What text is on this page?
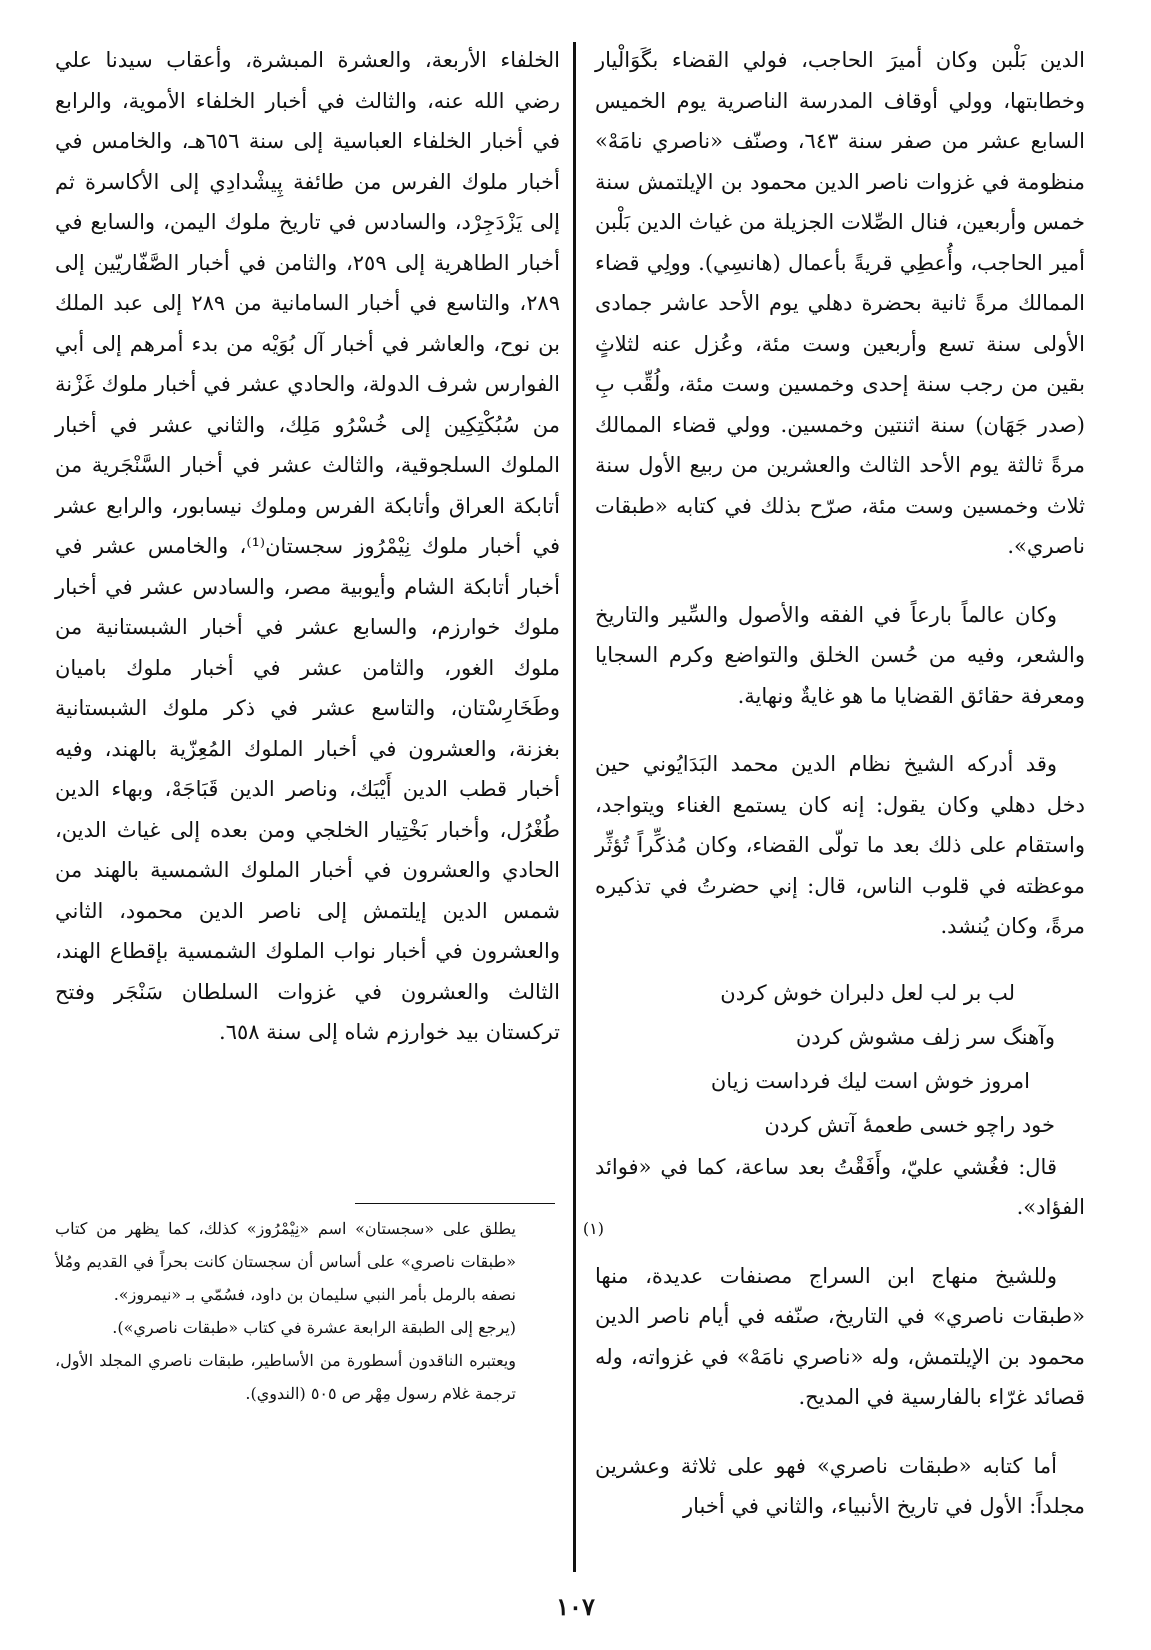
الدين بَلْبن وكان أميرَ الحاجب، فولي القضاء بگَوَالْيار وخطابتها، وولي أوقاف المدرسة الناصرية يوم الخميس السابع عشر من صفر سنة ٦٤٣، وصنّف «ناصري نامَهْ» منظومة في غزوات ناصر الدين محمود بن الإيلتمش سنة خمس وأربعين، فنال الصِّلات الجزيلة من غياث الدين بَلْبن أمير الحاجب، وأُعطِي قريةً بأعمال (هانسِي). وولِي قضاء الممالك مرةً ثانية بحضرة دهلي يوم الأحد عاشر جمادى الأولى سنة تسع وأربعين وست مئة، وعُزل عنه لثلاثٍ بقين من رجب سنة إحدى وخمسين وست مئة، ولُقِّب بِ (صدر جَهَان) سنة اثنتين وخمسين. وولي قضاء الممالك مرةً ثالثة يوم الأحد الثالث والعشرين من ربيع الأول سنة ثلاث وخمسين وست مئة، صرّح بذلك في كتابه «طبقات ناصري».

وكان عالماً بارعاً في الفقه والأصول والسِّير والتاريخ والشعر، وفيه من حُسن الخلق والتواضع وكرم السجايا ومعرفة حقائق القضايا ما هو غايةٌ ونهاية.

وقد أدركه الشيخ نظام الدين محمد البَدَايُوني حين دخل دهلي وكان يقول: إنه كان يستمع الغناء ويتواجد، واستقام على ذلك بعد ما تولّى القضاء، وكان مُذكِّراً تُؤثِّر موعظته في قلوب الناس، قال: إني حضرتُ في تذكيره مرةً، وكان يُنشد.

لب بر لب لعل دلبران خوش كردن
وآهنگ سر زلف مشوش كردن
امروز خوش است ليك فرداست زيان
خود راچو خسى طعمهٔ آتش كردن

قال: فغُشي عليّ، وأَفَقْتُ بعد ساعة، كما في «فوائد الفؤاد».

وللشيخ منهاج ابن السراج مصنفات عديدة، منها «طبقات ناصري» في التاريخ، صنّفه في أيام ناصر الدين محمود بن الإيلتمش، وله «ناصري نامَهْ» في غزواته، وله قصائد غرّاء بالفارسية في المديح.

أما كتابه «طبقات ناصري» فهو على ثلاثة وعشرين مجلداً: الأول في تاريخ الأنبياء، والثاني في أخبار

الخلفاء الأربعة، والعشرة المبشرة، وأعقاب سيدنا علي رضي الله عنه، والثالث في أخبار الخلفاء الأموية، والرابع في أخبار الخلفاء العباسية إلى سنة ٦٥٦هـ، والخامس في أخبار ملوك الفرس من طائفة پِيشْدادِي إلى الأكاسرة ثم إلى يَزْدَجِرْد، والسادس في تاريخ ملوك اليمن، والسابع في أخبار الطاهرية إلى ٢٥٩، والثامن في أخبار الصَّفّاريّين إلى ٢٨٩، والتاسع في أخبار السامانية من ٢٨٩ إلى عبد الملك بن نوح، والعاشر في أخبار آل بُوَيْه من بدء أمرهم إلى أبي الفوارس شرف الدولة، والحادي عشر في أخبار ملوك غَزْنة من سُبُكْتِكِين إلى خُسْرُو مَلِك، والثاني عشر في أخبار الملوك السلجوقية، والثالث عشر في أخبار السَّنْجَرية من أتابكة العراق وأتابكة الفرس وملوك نيسابور، والرابع عشر في أخبار ملوك نِيْمْرُوز سجستان⁽¹⁾، والخامس عشر في أخبار أتابكة الشام وأيوبية مصر، والسادس عشر في أخبار ملوك خوارزم، والسابع عشر في أخبار الشبستانية من ملوك الغور، والثامن عشر في أخبار ملوك باميان وطَخَارِسْتان، والتاسع عشر في ذكر ملوك الشبستانية بغزنة، والعشرون في أخبار الملوك المُعِزّية بالهند، وفيه أخبار قطب الدين أَيْبَك، وناصر الدين قَبَاجَهْ، وبهاء الدين طُغْرُل، وأخبار بَخْتِيار الخلجي ومن بعده إلى غياث الدين، الحادي والعشرون في أخبار الملوك الشمسية بالهند من شمس الدين إيلتمش إلى ناصر الدين محمود، الثاني والعشرون في أخبار نواب الملوك الشمسية بإقطاع الهند، الثالث والعشرون في غزوات السلطان سَنْجَر وفتح تركستان بيد خوارزم شاه إلى سنة ٦٥٨.

(١)يطلق على «سجستان» اسم «نِيْمْرُوز» كذلك، كما يظهر من كتاب «طبقات ناصري» على أساس أن سجستان كانت بحراً في القديم ومُلأ نصفه بالرمل بأمر النبي سليمان بن داود، فسُمّي بـ «نيمروز».

(يرجع إلى الطبقة الرابعة عشرة في كتاب «طبقات ناصري»).

ويعتبره الناقدون أسطورة من الأساطير، طبقات ناصري المجلد الأول، ترجمة غلام رسول مِهْر ص ٥٠٥ (الندوي).

١٠٧
